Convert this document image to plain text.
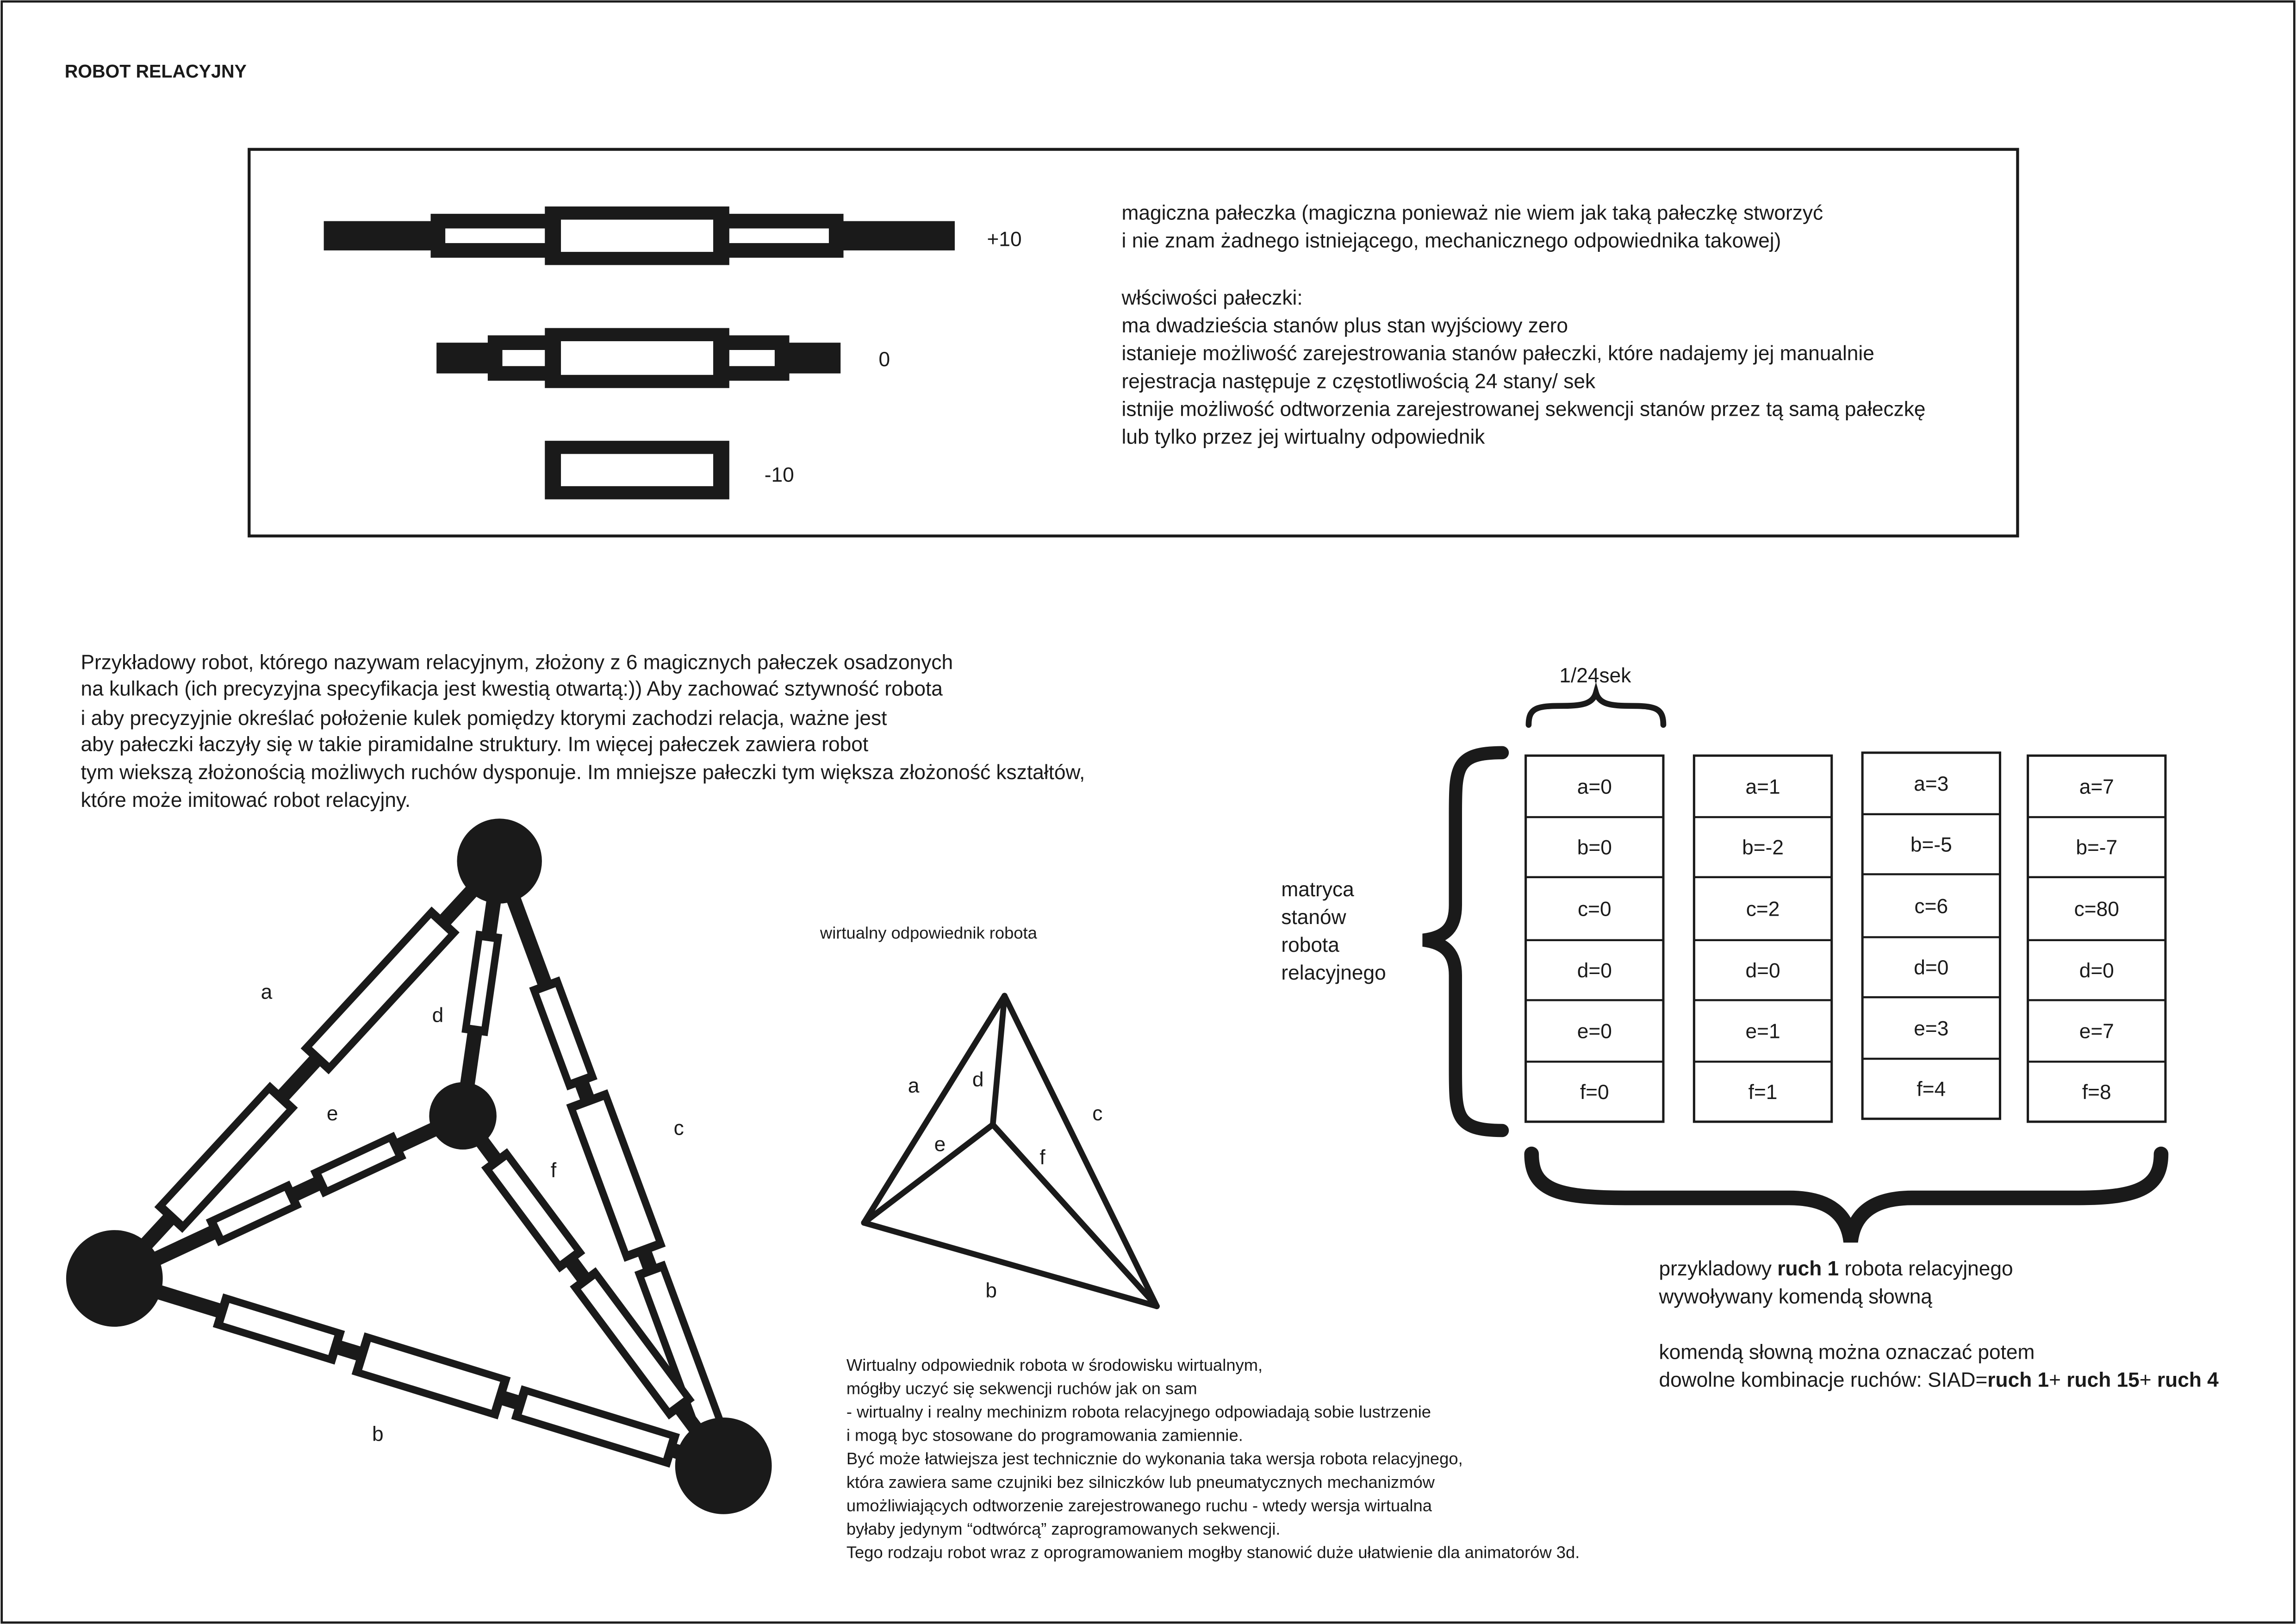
ROBOT RELACYJNY
+10
0
-10
magiczna pałeczka (magiczna ponieważ nie wiem jak taką pałeczkę stworzyć
i nie znam żadnego istniejącego, mechanicznego odpowiednika takowej)
włściwości pałeczki:
ma dwadzieścia stanów plus stan wyjściowy zero
istanieje możliwość zarejestrowania stanów pałeczki, które nadajemy jej manualnie
rejestracja następuje z częstotliwością 24 stany/ sek
istnije możliwość odtworzenia zarejestrowanej sekwencji stanów przez tą samą pałeczkę
lub tylko przez jej wirtualny odpowiednik
Przykładowy robot, którego nazywam relacyjnym, złożony z 6 magicznych pałeczek osadzonych
na kulkach (ich precyzyjna specyfikacja jest kwestią otwartą:)) Aby zachować sztywność robota
i aby precyzyjnie określać położenie kulek pomiędzy ktorymi zachodzi relacja, ważne jest
aby pałeczki łaczyły się w takie piramidalne struktury. Im więcej pałeczek zawiera robot
tym wiekszą złożonością możliwych ruchów dysponuje. Im mniejsze pałeczki tym większa złożoność kształtów,
które może imitować robot relacyjny.
a
b
c
d
e
f
wirtualny odpowiednik robota
a
b
c
d
e
f
Wirtualny odpowiednik robota w środowisku wirtualnym,
mógłby uczyć się sekwencji ruchów jak on sam
- wirtualny i realny mechinizm robota relacyjnego odpowiadają sobie lustrzenie
i mogą byc stosowane do programowania zamiennie.
Być może łatwiejsza jest technicznie do wykonania taka wersja robota relacyjnego,
która zawiera same czujniki bez silniczków lub pneumatycznych mechanizmów
umożliwiających odtworzenie zarejestrowanego ruchu - wtedy wersja wirtualna
byłaby jedynym “odtwórcą” zaprogramowanych sekwencji.
Tego rodzaju robot wraz z oprogramowaniem mogłby stanowić duże ułatwienie dla animatorów 3d.
1/24sek
matryca
stanów
robota
relacyjnego
a=0
b=0
c=0
d=0
e=0
f=0
a=1
b=-2
c=2
d=0
e=1
f=1
a=3
b=-5
c=6
d=0
e=3
f=4
a=7
b=-7
c=80
d=0
e=7
f=8
przykladowy ruch 1 robota relacyjnego
wywoływany komendą słowną
komendą słowną można oznaczać potem
dowolne kombinacje ruchów: SIAD=ruch 1+ ruch 15+ ruch 4
